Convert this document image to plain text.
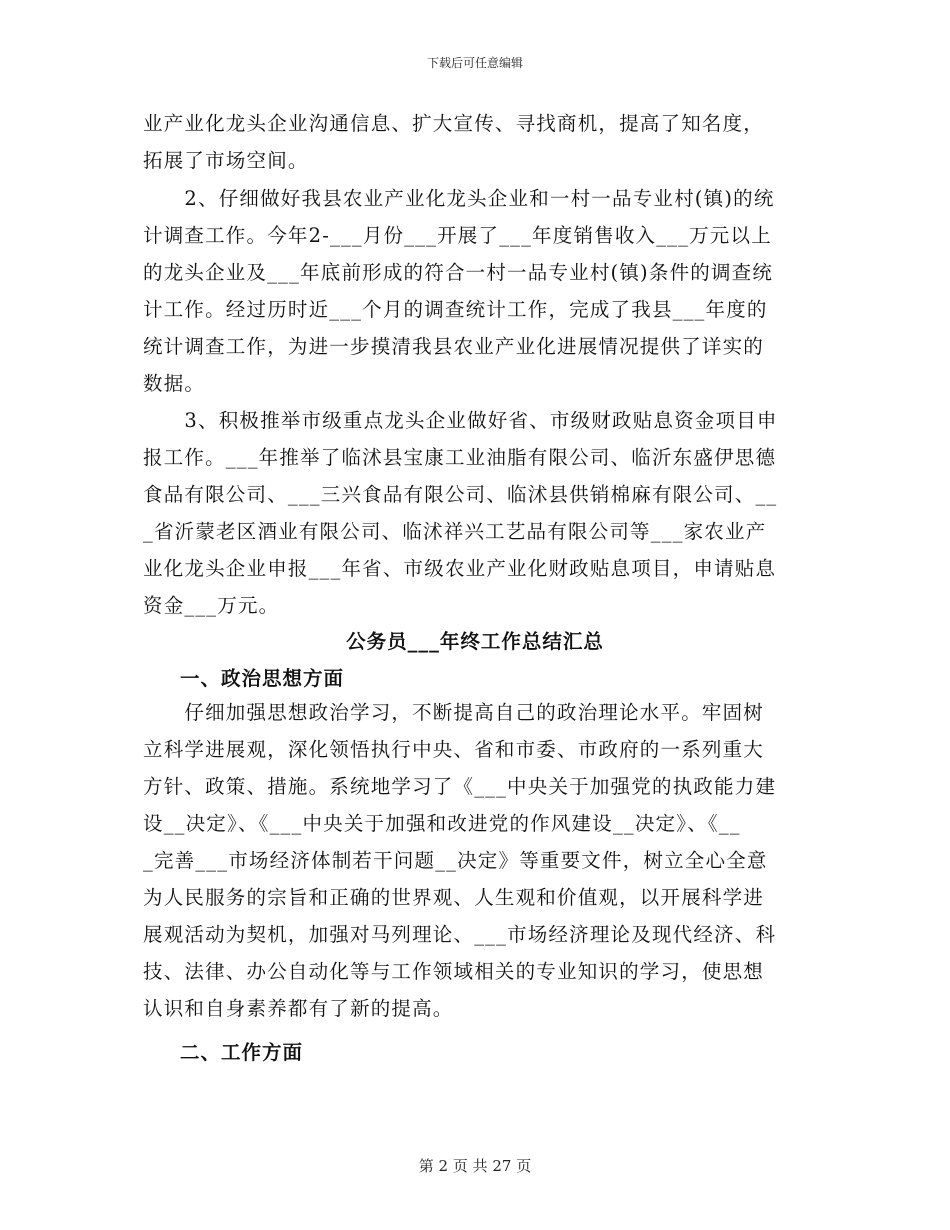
下载后可任意编辑
业产业化龙头企业沟通信息、扩大宣传、寻找商机，提高了知名度，
拓展了市场空间。
　　2、仔细做好我县农业产业化龙头企业和一村一品专业村(镇)的统
计调查工作。今年2-___月份___开展了___年度销售收入___万元以上
的龙头企业及___年底前形成的符合一村一品专业村(镇)条件的调查统
计工作。经过历时近___个月的调查统计工作，完成了我县___年度的
统计调查工作，为进一步摸清我县农业产业化进展情况提供了详实的
数据。
　　3、积极推举市级重点龙头企业做好省、市级财政贴息资金项目申
报工作。___年推举了临沭县宝康工业油脂有限公司、临沂东盛伊思德
食品有限公司、___三兴食品有限公司、临沭县供销棉麻有限公司、__
_省沂蒙老区酒业有限公司、临沭祥兴工艺品有限公司等___家农业产
业化龙头企业申报___年省、市级农业产业化财政贴息项目，申请贴息
资金___万元。
公务员___年终工作总结汇总
一、政治思想方面
　　仔细加强思想政治学习，不断提高自己的政治理论水平。牢固树
立科学进展观，深化领悟执行中央、省和市委、市政府的一系列重大
方针、政策、措施。系统地学习了《___中央关于加强党的执政能力建
设__决定》、《___中央关于加强和改进党的作风建设__决定》、《__
_完善___市场经济体制若干问题__决定》等重要文件，树立全心全意
为人民服务的宗旨和正确的世界观、人生观和价值观，以开展科学进
展观活动为契机，加强对马列理论、___市场经济理论及现代经济、科
技、法律、办公自动化等与工作领域相关的专业知识的学习，使思想
认识和自身素养都有了新的提高。
二、工作方面
第 2 页 共 27 页
